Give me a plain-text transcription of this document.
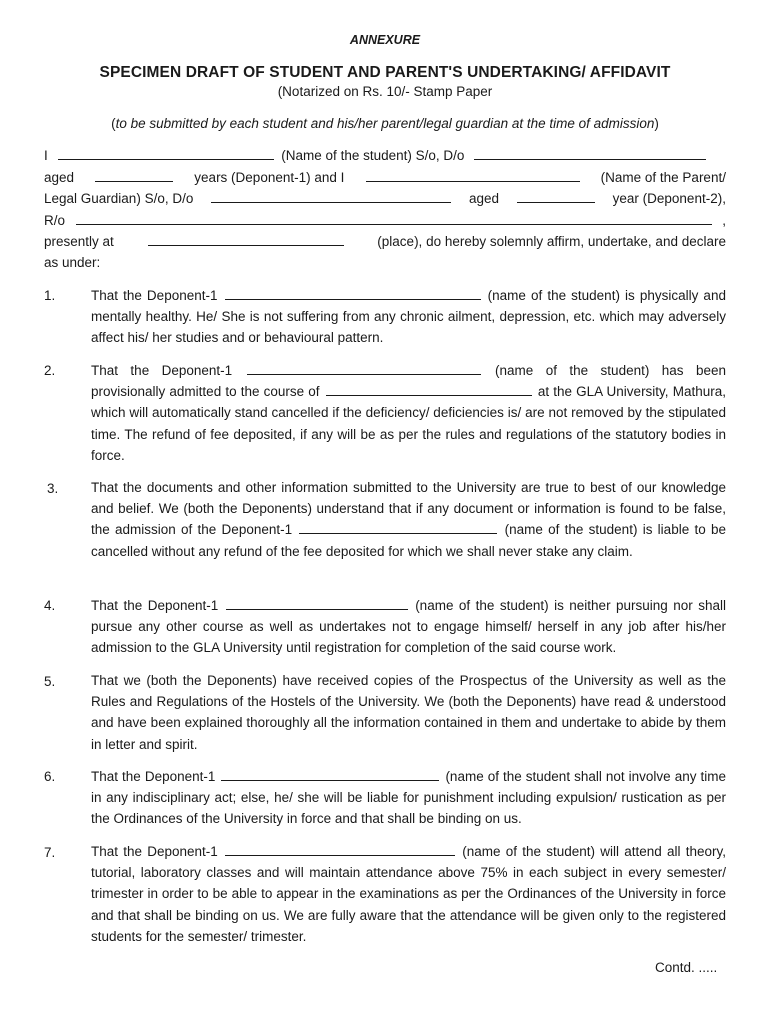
ANNEXURE
SPECIMEN DRAFT OF STUDENT AND PARENT'S UNDERTAKING/ AFFIDAVIT
(Notarized on Rs. 10/- Stamp Paper
(to be submitted by each student and his/her parent/legal guardian at the time of admission)
I	(Name of the student) S/o, D/o
aged	years (Deponent-1) and I	(Name of the Parent/
Legal Guardian) S/o, D/o	aged	year (Deponent-2),
R/o	,
presently at	(place), do hereby solemnly affirm, undertake, and declare
as under:
1.	That the Deponent-1	(name of the student) is physically and mentally healthy. He/ She is not suffering from any chronic ailment, depression, etc. which may adversely affect his/ her studies and or behavioural pattern.
2.	That the Deponent-1	(name of the student) has been provisionally admitted to the course of	at the GLA University, Mathura, which will automatically stand cancelled if the deficiency/ deficiencies is/ are not removed by the stipulated time. The refund of fee deposited, if any will be as per the rules and regulations of the statutory bodies in force.
3. That the documents and other information submitted to the University are true to best of our knowledge and belief. We (both the Deponents) understand that if any document or information is found to be false, the admission of the Deponent-1	(name of the student) is liable to be cancelled without any refund of the fee deposited for which we shall never stake any claim.
4.	That the Deponent-1	(name of the student) is neither pursuing nor shall pursue any other course as well as undertakes not to engage himself/ herself in any job after his/her admission to the GLA University until registration for completion of the said course work.
5.	That we (both the Deponents) have received copies of the Prospectus of the University as well as the Rules and Regulations of the Hostels of the University. We (both the Deponents) have read & understood and have been explained thoroughly all the information contained in them and undertake to abide by them in letter and spirit.
6.	That the Deponent-1	(name of the student shall not involve any time in any indisciplinary act; else, he/ she will be liable for punishment including expulsion/ rustication as per the Ordinances of the University in force and that shall be binding on us.
7.	That the Deponent-1	(name of the student) will attend all theory, tutorial, laboratory classes and will maintain attendance above 75% in each subject in every semester/ trimester in order to be able to appear in the examinations as per the Ordinances of the University in force and that shall be binding on us. We are fully aware that the attendance will be given only to the registered students for the semester/ trimester.
Contd. .....
